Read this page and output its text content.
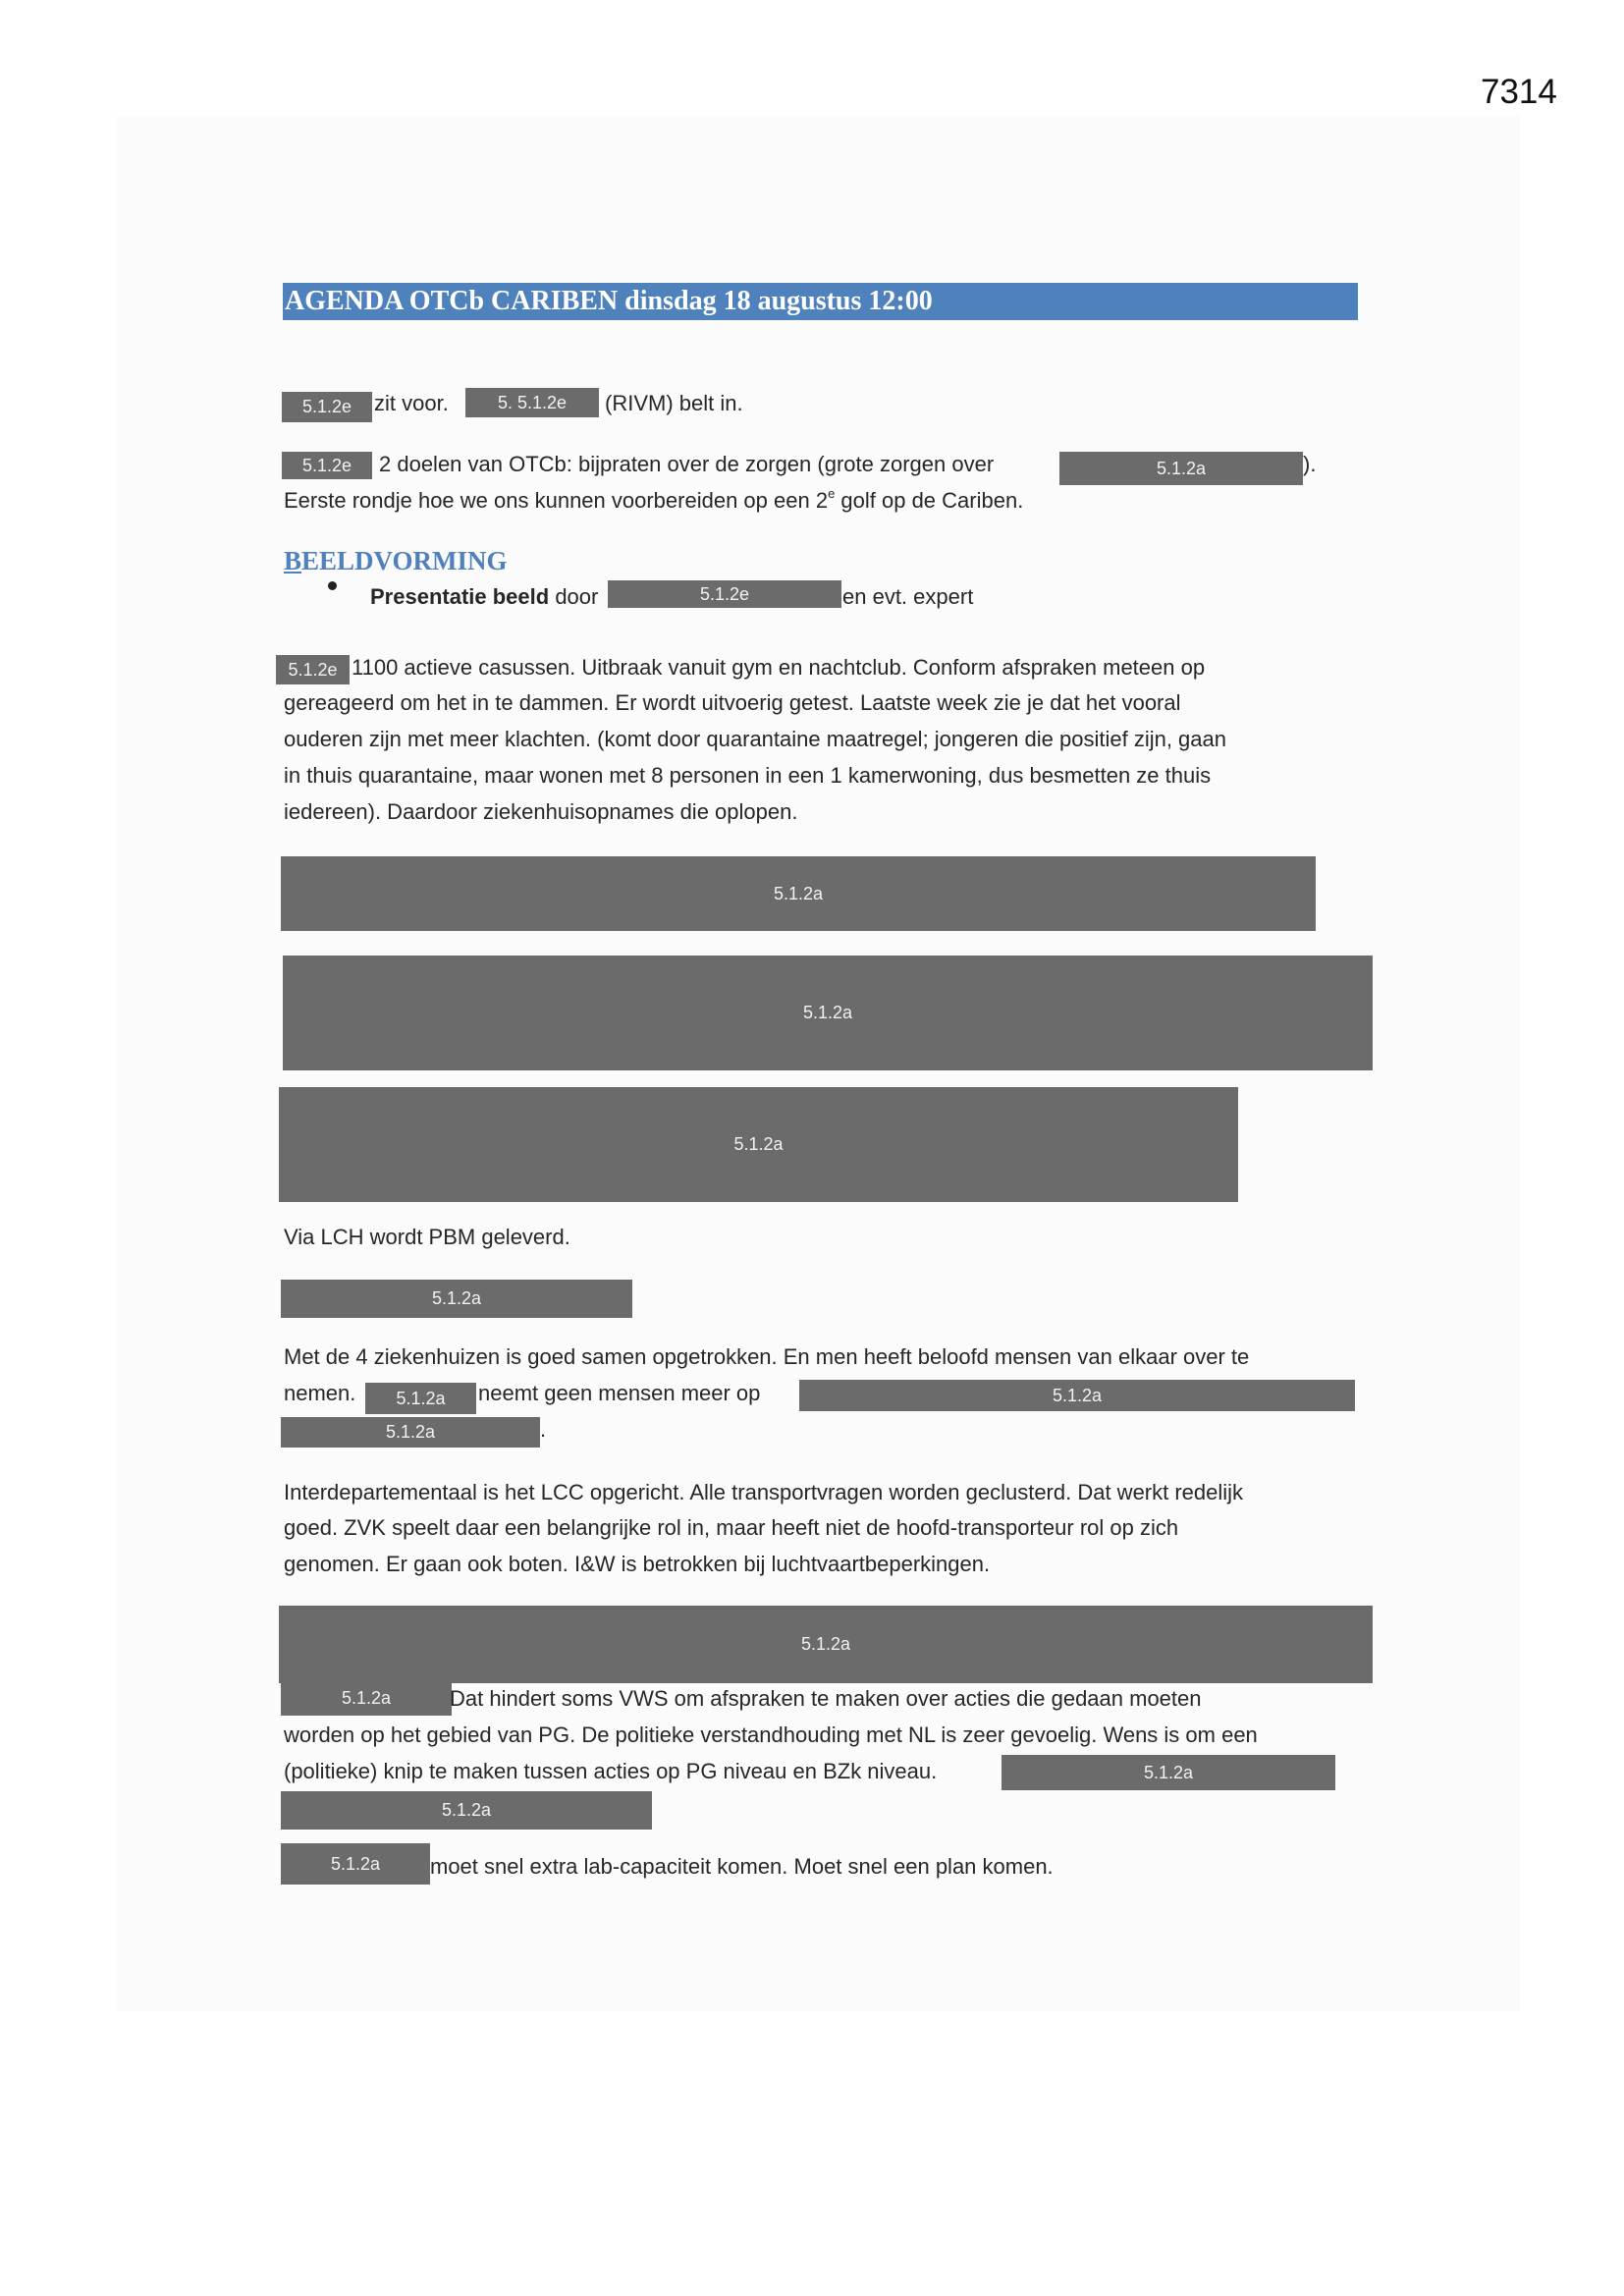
7314
AGENDA OTCb CARIBEN dinsdag 18 augustus 12:00
5.1.2e	zit voor.	5. 5.1.2e	(RIVM) belt in.
5.1.2e	2 doelen van OTCb: bijpraten over de zorgen (grote zorgen over	5.1.2a	).
Eerste rondje hoe we ons kunnen voorbereiden op een 2e golf op de Cariben.
BEELDVORMING
Presentatie beeld door	5.1.2e	en evt. expert
5.1.2e 1100 actieve casussen. Uitbraak vanuit gym en nachtclub. Conform afspraken meteen op
gereageerd om het in te dammen. Er wordt uitvoerig getest. Laatste week zie je dat het vooral
ouderen zijn met meer klachten. (komt door quarantaine maatregel; jongeren die positief zijn, gaan
in thuis quarantaine, maar wonen met 8 personen in een 1 kamerwoning, dus besmetten ze thuis
iedereen). Daardoor ziekenhuisopnames die oplopen.
5.1.2a
5.1.2a
5.1.2a
Via LCH wordt PBM geleverd.
5.1.2a
Met de 4 ziekenhuizen is goed samen opgetrokken. En men heeft beloofd mensen van elkaar over te
nemen.	5.1.2a	neemt geen mensen meer op	5.1.2a
5.1.2a	.
Interdepartementaal is het LCC opgericht. Alle transportvragen worden geclusterd. Dat werkt redelijk
goed. ZVK speelt daar een belangrijke rol in, maar heeft niet de hoofd-transporteur rol op zich
genomen. Er gaan ook boten. I&W is betrokken bij luchtvaartbeperkingen.
5.1.2a
5.1.2a	Dat hindert soms VWS om afspraken te maken over acties die gedaan moeten
worden op het gebied van PG. De politieke verstandhouding met NL is zeer gevoelig. Wens is om een
(politieke) knip te maken tussen acties op PG niveau en BZk niveau.	5.1.2a
5.1.2a
5.1.2a	moet snel extra lab-capaciteit komen. Moet snel een plan komen.
